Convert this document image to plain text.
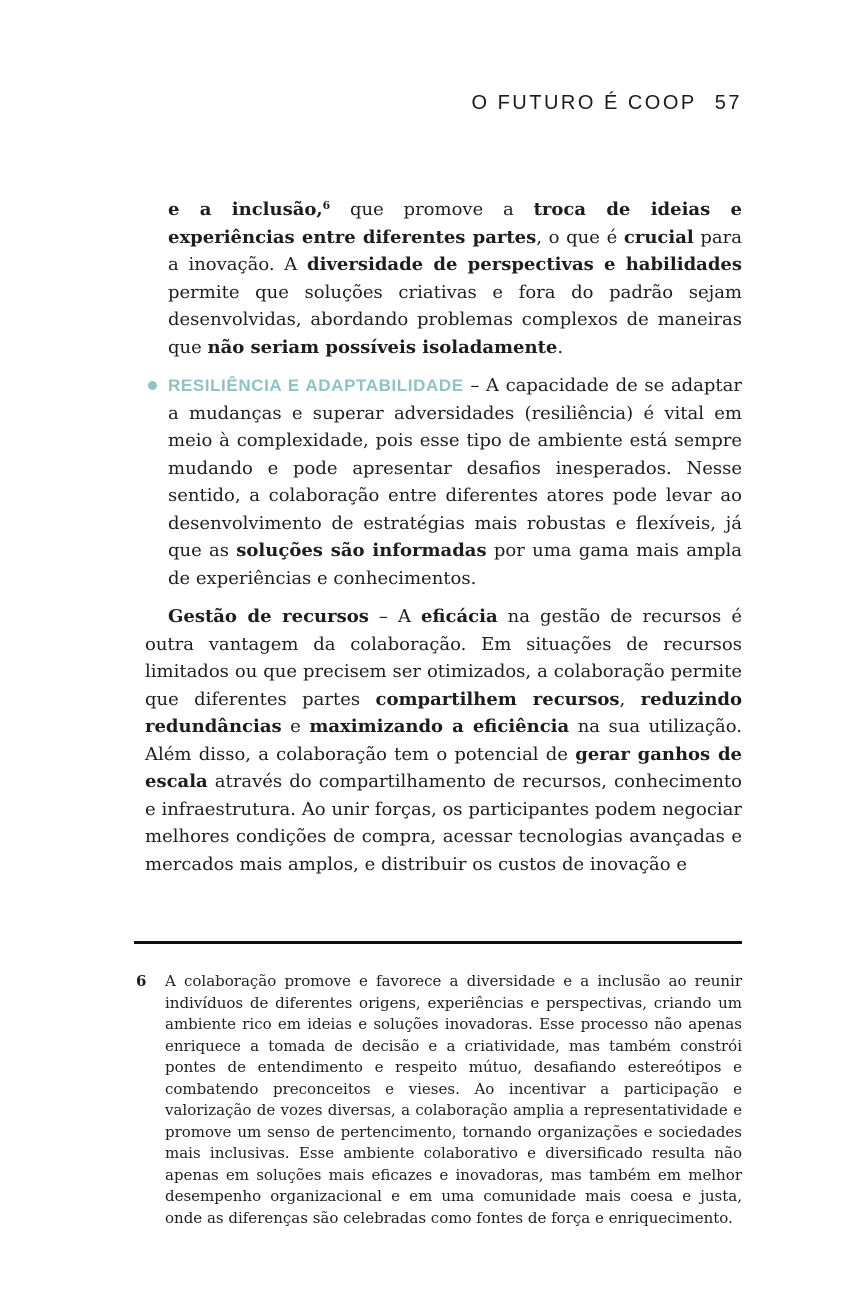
O FUTURO É COOP 57

e a inclusão,$^6$ que promove a troca de ideias e experiências entre diferentes partes, o que é crucial para a inovação. A diversidade de perspectivas e habilidades permite que soluções criativas e fora do padrão sejam desenvolvidas, abordando problemas complexos de maneiras que não seriam possíveis isoladamente.

RESILIÊNCIA E ADAPTABILIDADE – A capacidade de se adaptar a mudanças e superar adversidades (resiliência) é vital em meio à complexidade, pois esse tipo de ambiente está sempre mudando e pode apresentar desafios inesperados. Nesse sentido, a colaboração entre diferentes atores pode levar ao desenvolvimento de estratégias mais robustas e flexíveis, já que as soluções são informadas por uma gama mais ampla de experiências e conhecimentos.

Gestão de recursos – A eficácia na gestão de recursos é outra vantagem da colaboração. Em situações de recursos limitados ou que precisem ser otimizados, a colaboração permite que diferentes partes compartilhem recursos, reduzindo redundâncias e maximizando a eficiência na sua utilização. Além disso, a colaboração tem o potencial de gerar ganhos de escala através do compartilhamento de recursos, conhecimento e infraestrutura. Ao unir forças, os participantes podem negociar melhores condições de compra, acessar tecnologias avançadas e mercados mais amplos, e distribuir os custos de inovação e

6 A colaboração promove e favorece a diversidade e a inclusão ao reunir indivíduos de diferentes origens, experiências e perspectivas, criando um ambiente rico em ideias e soluções inovadoras. Esse processo não apenas enriquece a tomada de decisão e a criatividade, mas também constrói pontes de entendimento e respeito mútuo, desafiando estereótipos e combatendo preconceitos e vieses. Ao incentivar a participação e valorização de vozes diversas, a colaboração amplia a representatividade e promove um senso de pertencimento, tornando organizações e sociedades mais inclusivas. Esse ambiente colaborativo e diversificado resulta não apenas em soluções mais eficazes e inovadoras, mas também em melhor desempenho organizacional e em uma comunidade mais coesa e justa, onde as diferenças são celebradas como fontes de força e enriquecimento.
